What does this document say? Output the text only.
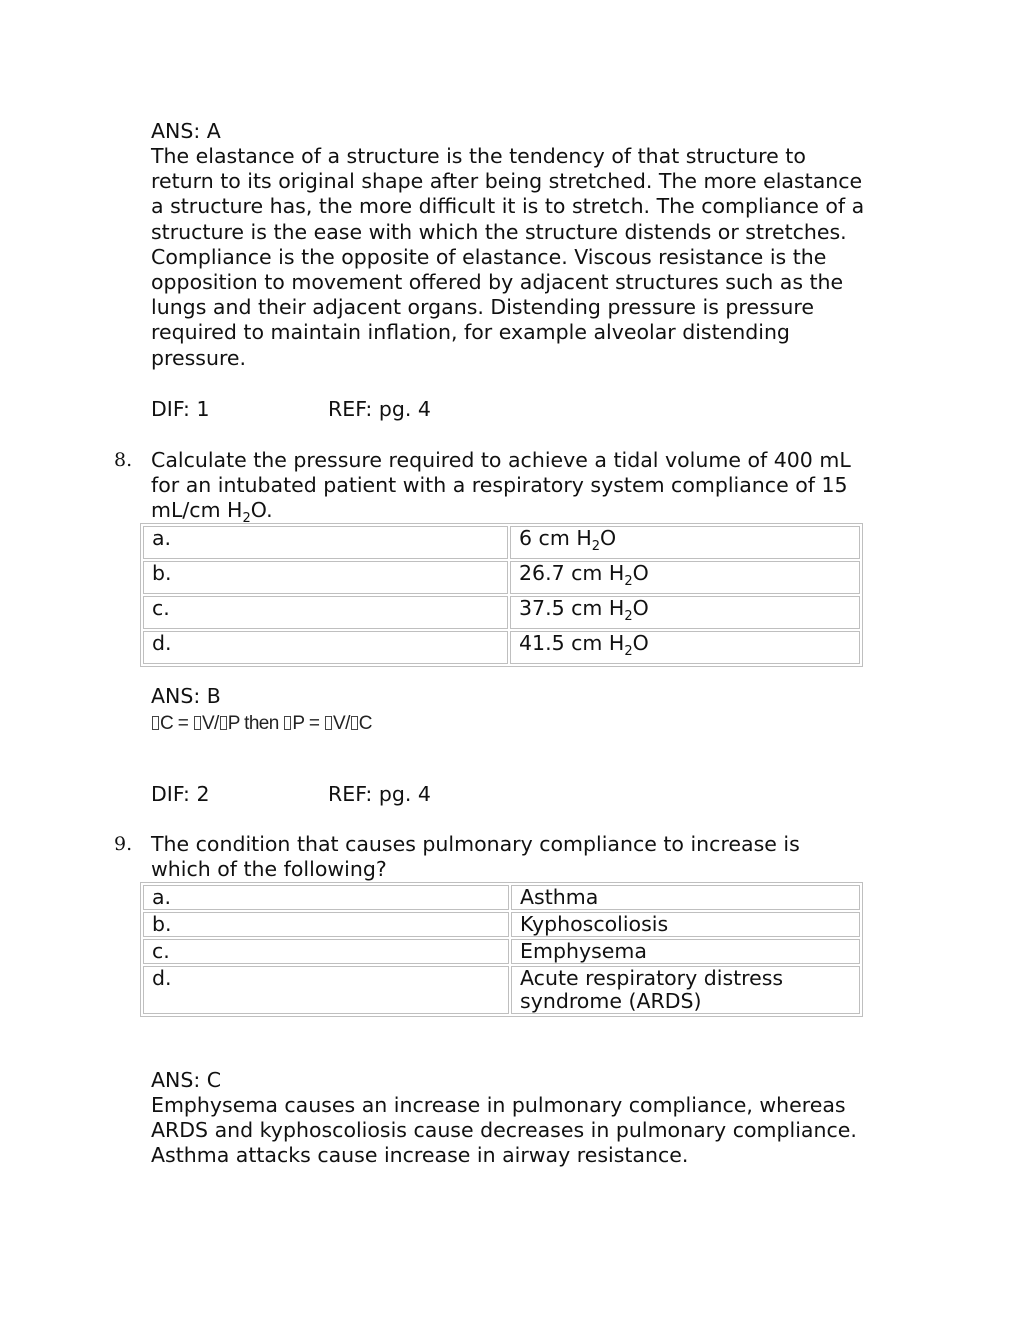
ANS: A
The elastance of a structure is the tendency of that structure to return to its original shape after being stretched. The more elastance a structure has, the more difficult it is to stretch. The compliance of a structure is the ease with which the structure distends or stretches. Compliance is the opposite of elastance. Viscous resistance is the opposition to movement offered by adjacent structures such as the lungs and their adjacent organs. Distending pressure is pressure required to maintain inflation, for example alveolar distending pressure.
DIF: 1	REF: pg. 4
8. Calculate the pressure required to achieve a tidal volume of 400 mL for an intubated patient with a respiratory system compliance of 15 mL/cm $H_2O$.
a.	6 cm $H_2O$
b.	26.7 cm $H_2O$
c.	37.5 cm $H_2O$
d.	41.5 cm $H_2O$
ANS: B
C = V/ P then P = V/ C
DIF: 2	REF: pg. 4
9. The condition that causes pulmonary compliance to increase is which of the following?
a.	Asthma
b.	Kyphoscoliosis
c.	Emphysema
d.	Acute respiratory distress syndrome (ARDS)
ANS: C
Emphysema causes an increase in pulmonary compliance, whereas ARDS and kyphoscoliosis cause decreases in pulmonary compliance. Asthma attacks cause increase in airway resistance.
